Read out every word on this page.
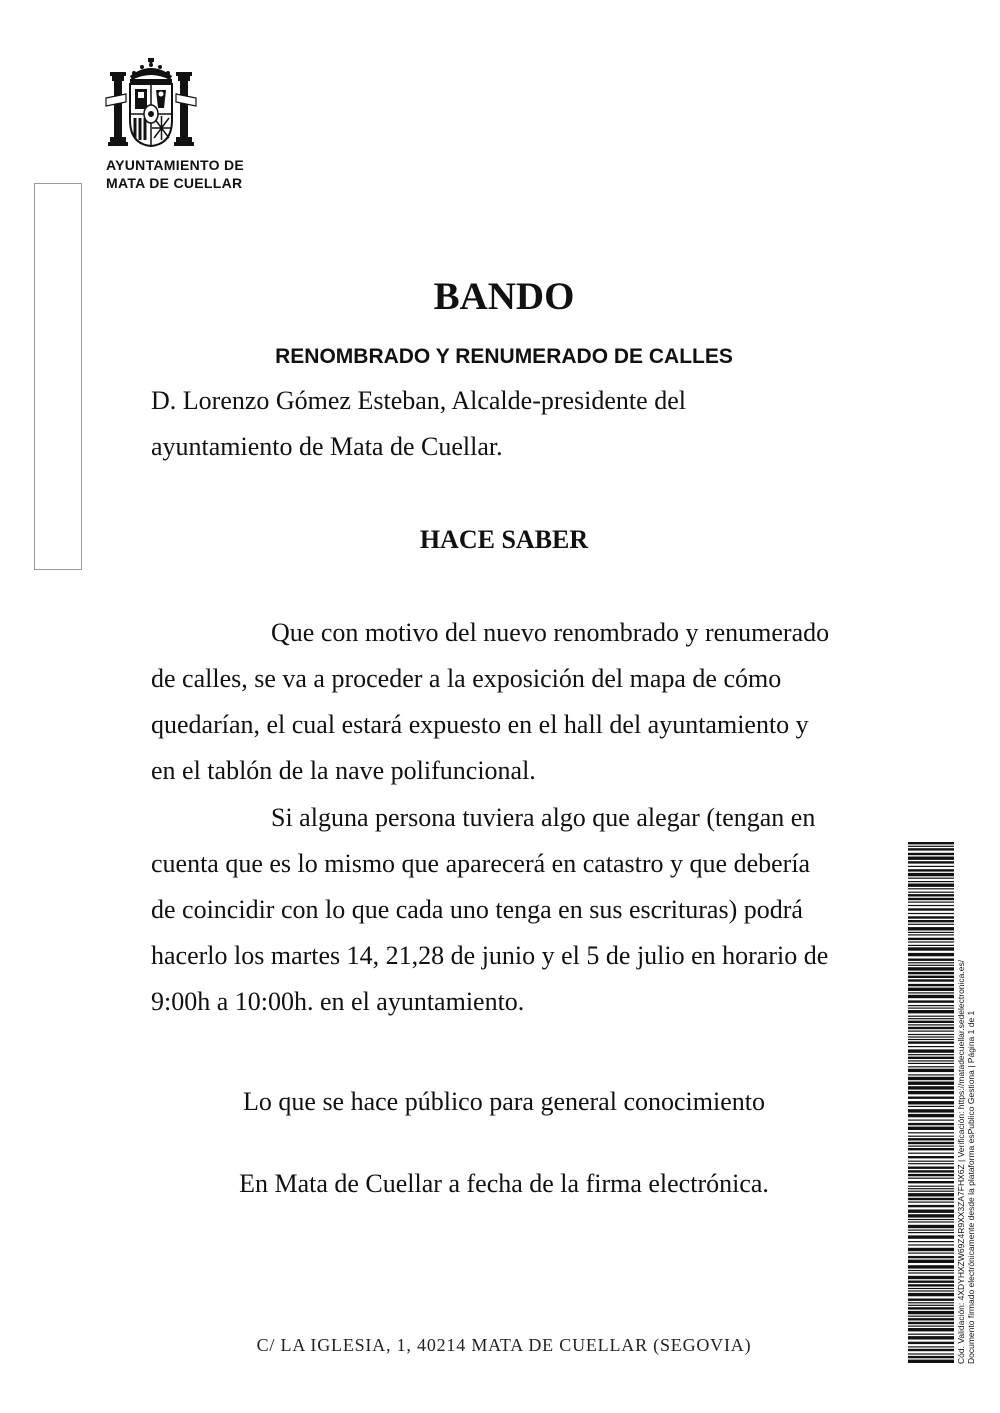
AYUNTAMIENTO DE
MATA DE CUELLAR
BANDO
RENOMBRADO Y RENUMERADO DE CALLES
D. Lorenzo Gómez Esteban, Alcalde-presidente del
ayuntamiento de Mata de Cuellar.
HACE SABER
Que con motivo del nuevo renombrado y renumerado
de calles, se va a proceder a la exposición del mapa de cómo
quedarían, el cual estará expuesto en el hall del ayuntamiento y
en el tablón de la nave polifuncional.
Si alguna persona tuviera algo que alegar (tengan en
cuenta que es lo mismo que aparecerá en catastro y que debería
de coincidir con lo que cada uno tenga en sus escrituras) podrá
hacerlo los martes 14, 21,28 de junio y el 5 de julio en horario de
9:00h a 10:00h. en el ayuntamiento.
Lo que se hace público para general conocimiento
En Mata de Cuellar a fecha de la firma electrónica.
C/ LA IGLESIA, 1, 40214 MATA DE CUELLAR (SEGOVIA)	Cód. Validación: 4XDYHXZW69Z4R9XX3ZA7FHX6Z | Verificación: https://matadecuellar.sedelectronica.es/ Documento firmado electrónicamente desde la plataforma esPublico Gestiona | Página 1 de 1
